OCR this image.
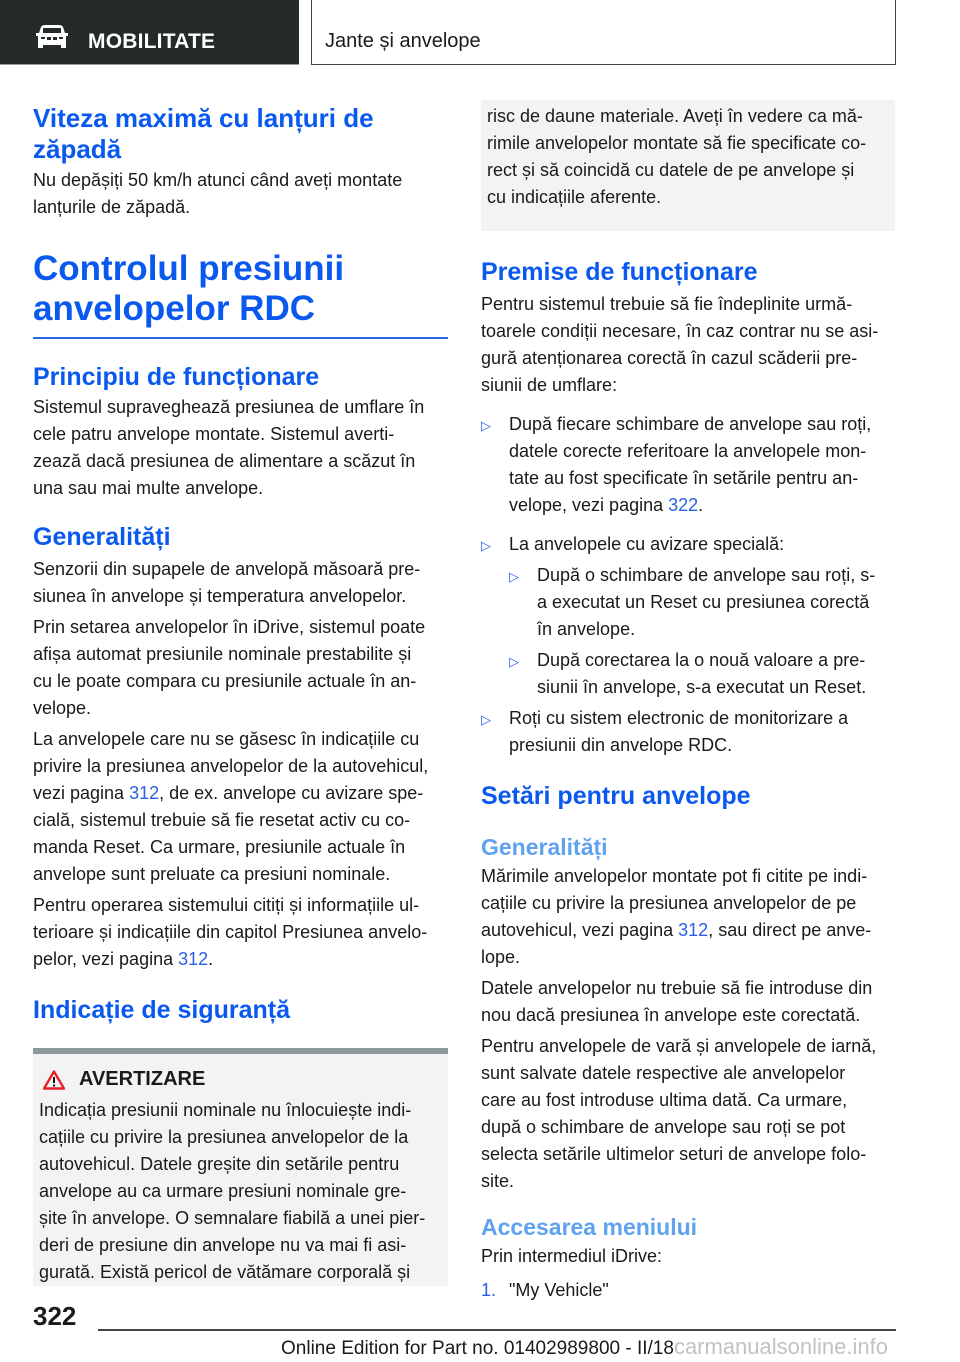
MOBILITATE	Jante și anvelope
Viteza maximă cu lanțuri de
zăpadă
Nu depășiți 50 km/h atunci când aveți montate
lanțurile de zăpadă.
Controlul presiunii
anvelopelor RDC
Principiu de funcționare
Sistemul supraveghează presiunea de umflare în
cele patru anvelope montate. Sistemul averti-
zează dacă presiunea de alimentare a scăzut în
una sau mai multe anvelope.
Generalități
Senzorii din supapele de anvelopă măsoară pre-
siunea în anvelope și temperatura anvelopelor.
Prin setarea anvelopelor în iDrive, sistemul poate
afișa automat presiunile nominale prestabilite și
cu le poate compara cu presiunile actuale în an-
velope.
La anvelopele care nu se găsesc în indicațiile cu
privire la presiunea anvelopelor de la autovehicul,
vezi pagina 312, de ex. anvelope cu avizare spe-
cială, sistemul trebuie să fie resetat activ cu co-
manda Reset. Ca urmare, presiunile actuale în
anvelope sunt preluate ca presiuni nominale.
Pentru operarea sistemului citiți și informațiile ul-
terioare și indicațiile din capitol Presiunea anvelo-
pelor, vezi pagina 312.
Indicație de siguranță
AVERTIZARE
Indicația presiunii nominale nu înlocuiește indi-
cațiile cu privire la presiunea anvelopelor de la
autovehicul. Datele greșite din setările pentru
anvelope au ca urmare presiuni nominale gre-
șite în anvelope. O semnalare fiabilă a unei pier-
deri de presiune din anvelope nu va mai fi asi-
gurată. Există pericol de vătămare corporală și
risc de daune materiale. Aveți în vedere ca mă-
rimile anvelopelor montate să fie specificate co-
rect și să coincidă cu datele de pe anvelope și
cu indicațiile aferente.
Premise de funcționare
Pentru sistemul trebuie să fie îndeplinite urmă-
toarele condiții necesare, în caz contrar nu se asi-
gură atenționarea corectă în cazul scăderii pre-
siunii de umflare:
▷	După fiecare schimbare de anvelope sau roți,
datele corecte referitoare la anvelopele mon-
tate au fost specificate în setările pentru an-
velope, vezi pagina 322.
▷	La anvelopele cu avizare specială:
▷	După o schimbare de anvelope sau roți, s-
a executat un Reset cu presiunea corectă
în anvelope.
▷	După corectarea la o nouă valoare a pre-
siunii în anvelope, s-a executat un Reset.
▷	Roți cu sistem electronic de monitorizare a
presiunii din anvelope RDC.
Setări pentru anvelope
Generalități
Mărimile anvelopelor montate pot fi citite pe indi-
cațiile cu privire la presiunea anvelopelor de pe
autovehicul, vezi pagina 312, sau direct pe anve-
lope.
Datele anvelopelor nu trebuie să fie introduse din
nou dacă presiunea în anvelope este corectată.
Pentru anvelopele de vară și anvelopele de iarnă,
sunt salvate datele respective ale anvelopelor
care au fost introduse ultima dată. Ca urmare,
după o schimbare de anvelope sau roți se pot
selecta setările ultimelor seturi de anvelope folo-
site.
Accesarea meniului
Prin intermediul iDrive:
1. "My Vehicle"
322
Online Edition for Part no. 01402989800 - II/18carmanualsonline.info
